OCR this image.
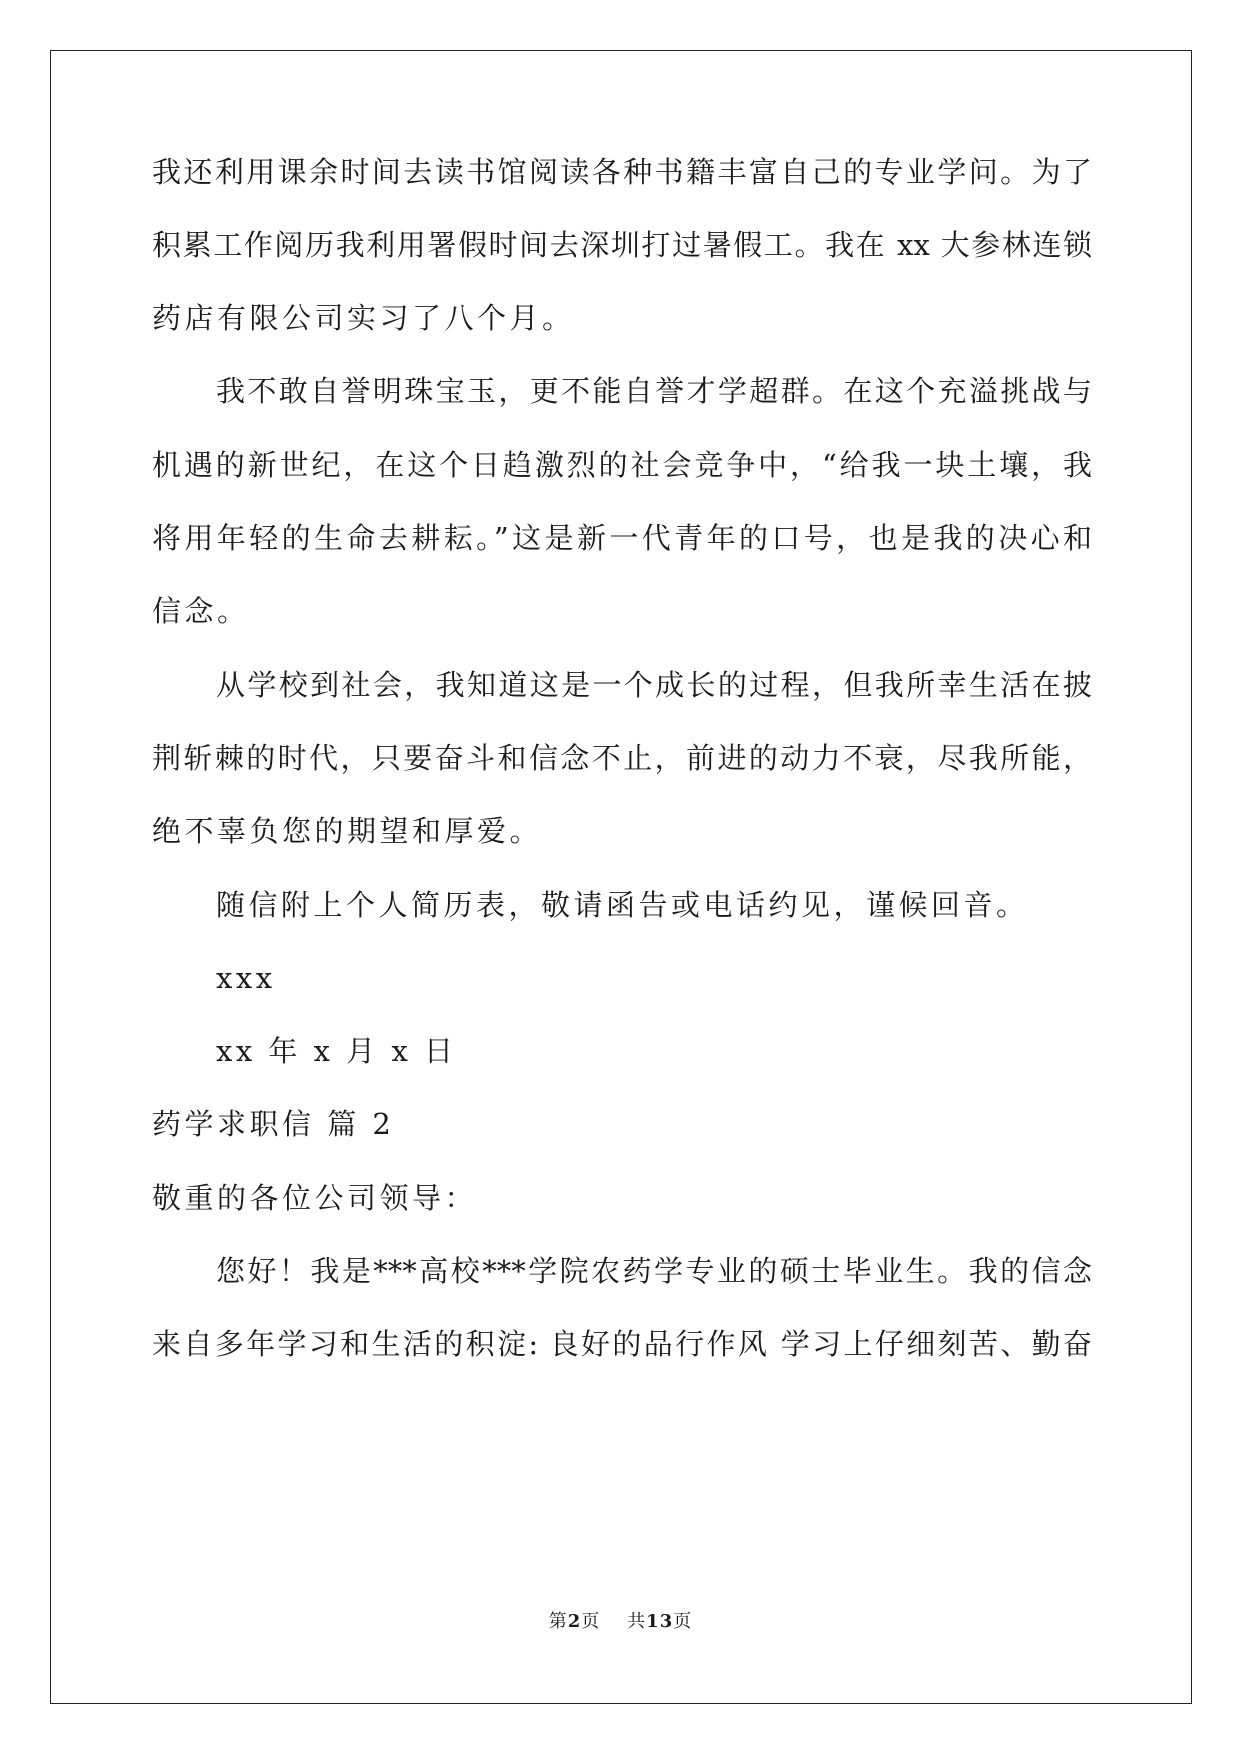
我还利用课余时间去读书馆阅读各种书籍丰富自己的专业学问。为了
积累工作阅历我利用署假时间去深圳打过暑假工。我在 xx 大参林连锁
药店有限公司实习了八个月。
我不敢自誉明珠宝玉，更不能自誉才学超群。在这个充溢挑战与
机遇的新世纪，在这个日趋激烈的社会竞争中，“给我一块土壤，我
将用年轻的生命去耕耘。”这是新一代青年的口号，也是我的决心和
信念。
从学校到社会，我知道这是一个成长的过程，但我所幸生活在披
荆斩棘的时代，只要奋斗和信念不止，前进的动力不衰，尽我所能，
绝不辜负您的期望和厚爱。
随信附上个人简历表，敬请函告或电话约见，谨候回音。
xxx
xx 年 x 月 x 日
药学求职信 篇 2
敬重的各位公司领导：
您好！我是***高校***学院农药学专业的硕士毕业生。我的信念
来自多年学习和生活的积淀: 良好的品行作风 学习上仔细刻苦、勤奋
第2页 共13页
